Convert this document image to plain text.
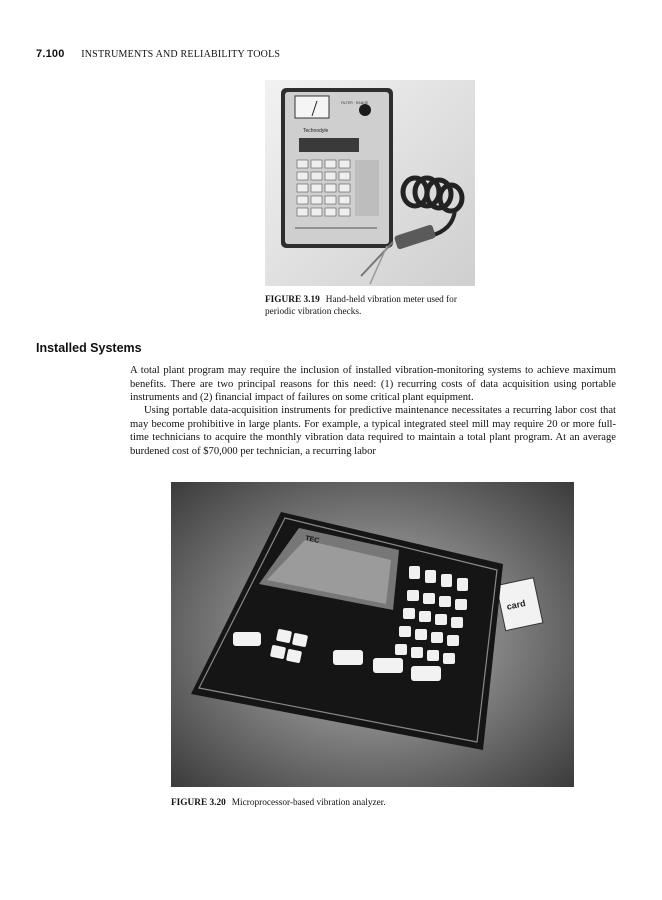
7.100 INSTRUMENTS AND RELIABILITY TOOLS
FILTER · RANGE
Technodyle
FIGURE 3.19 Hand-held vibration meter used for periodic vibration checks.
Installed Systems

A total plant program may require the inclusion of installed vibration-monitoring systems to achieve maximum benefits. There are two principal reasons for this need: (1) recurring costs of data acquisition using portable instruments and (2) financial impact of failures on some critical plant equipment.

Using portable data-acquisition instruments for predictive maintenance necessitates a recurring labor cost that may become prohibitive in large plants. For example, a typical integrated steel mill may require 20 or more full-time technicians to acquire the monthly vibration data required to maintain a total plant program. At an average burdened cost of $70,000 per technician, a recurring labor

card
TEC
FIGURE 3.20 Microprocessor-based vibration analyzer.
